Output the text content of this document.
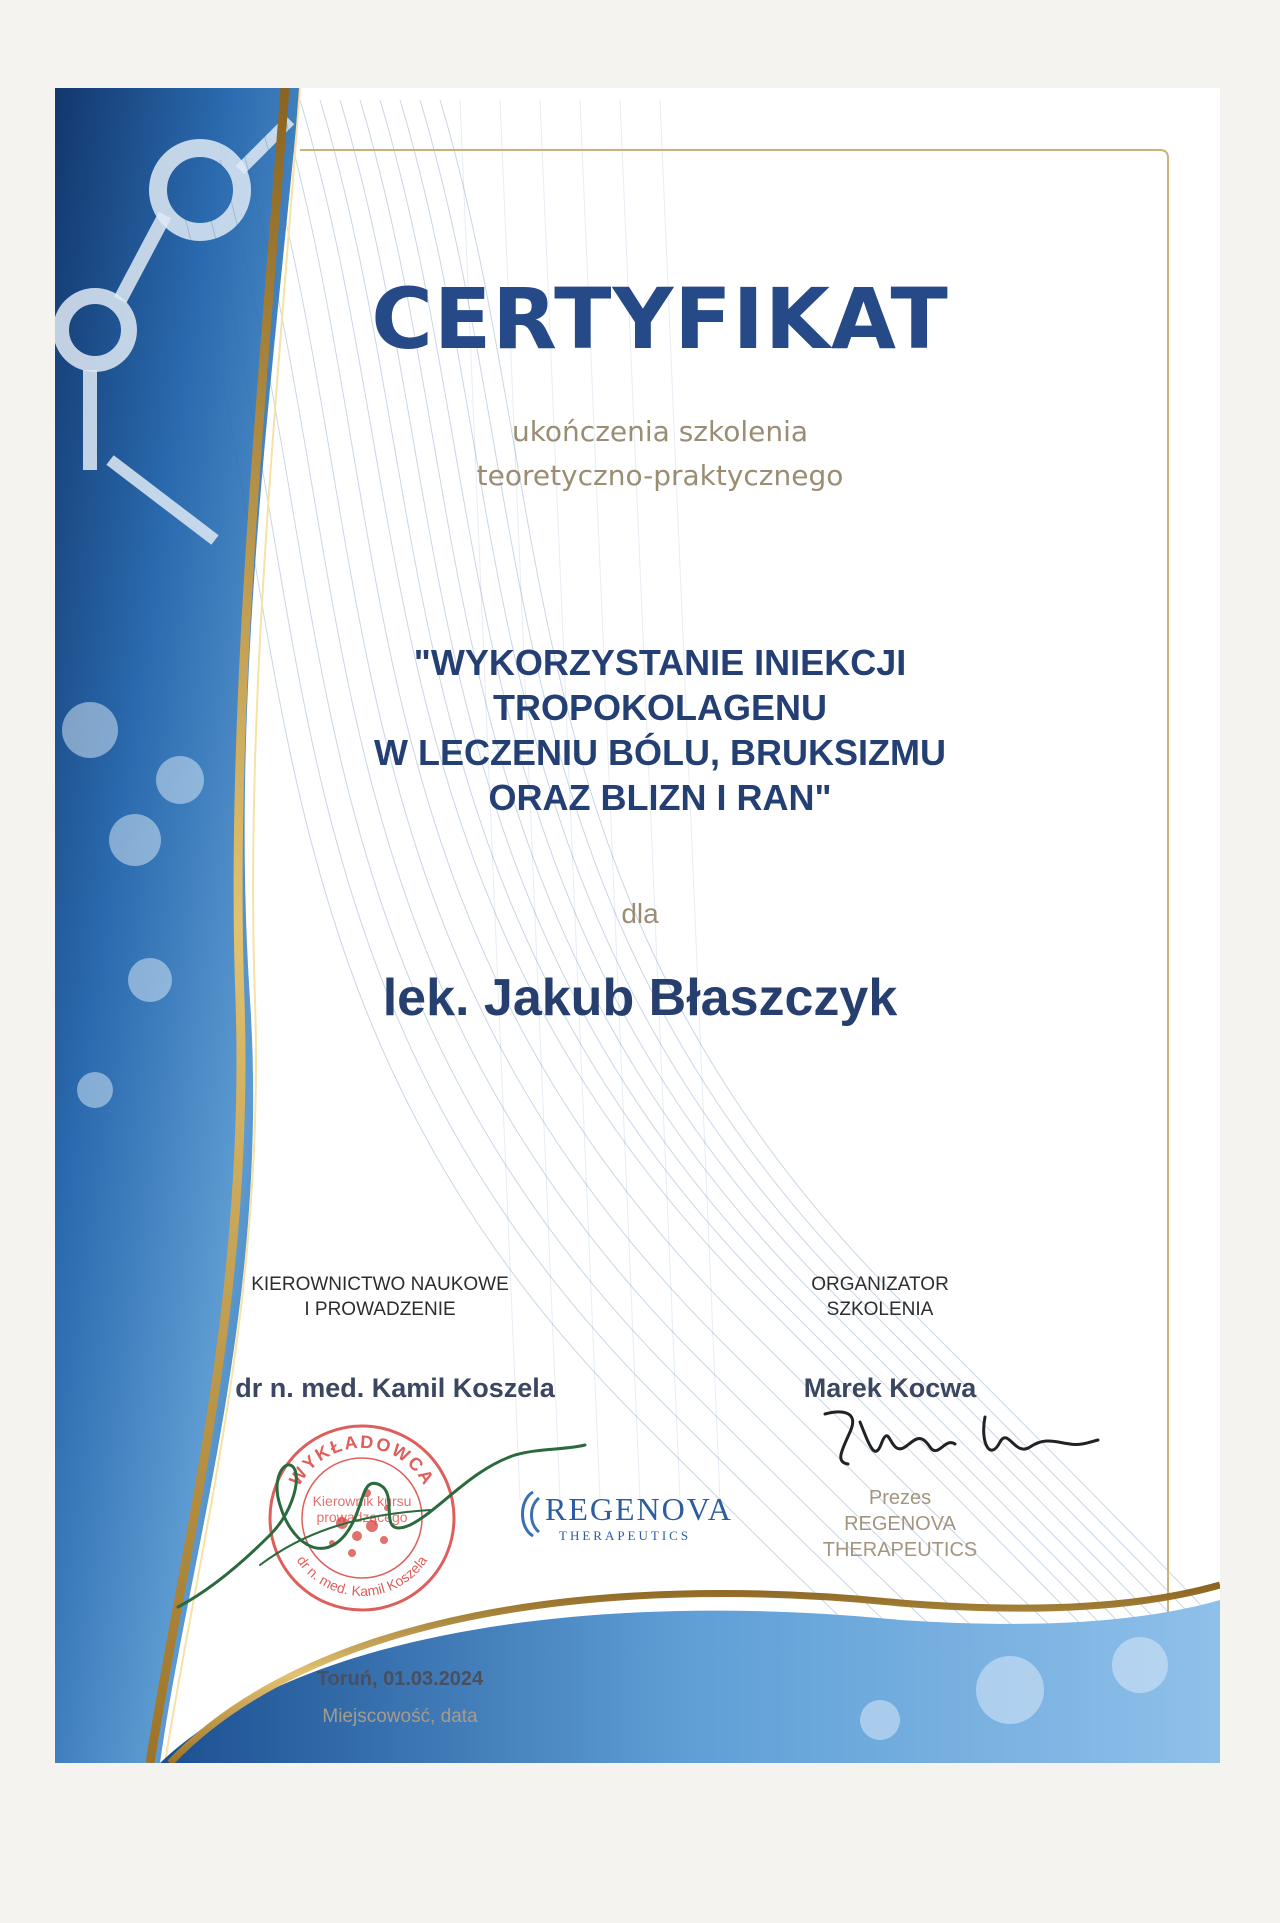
CERTYFIKAT
ukończenia szkolenia
teoretyczno-praktycznego
"WYKORZYSTANIE INIEKCJI
TROPOKOLAGENU
W LECZENIU BÓLU, BRUKSIZMU
ORAZ BLIZN I RAN"
dla
lek. Jakub Błaszczyk
KIEROWNICTWO NAUKOWE
I PROWADZENIE
ORGANIZATOR
SZKOLENIA
dr n. med. Kamil Koszela	Marek Kocwa
Prezes
REGENOVA
THERAPEUTICS
WYKŁADOWCA
dr n. med. Kamil Koszela
Kierownik kursu
prowadzącego	REGENOVA
THERAPEUTICS
Toruń, 01.03.2024
Miejscowość, data
